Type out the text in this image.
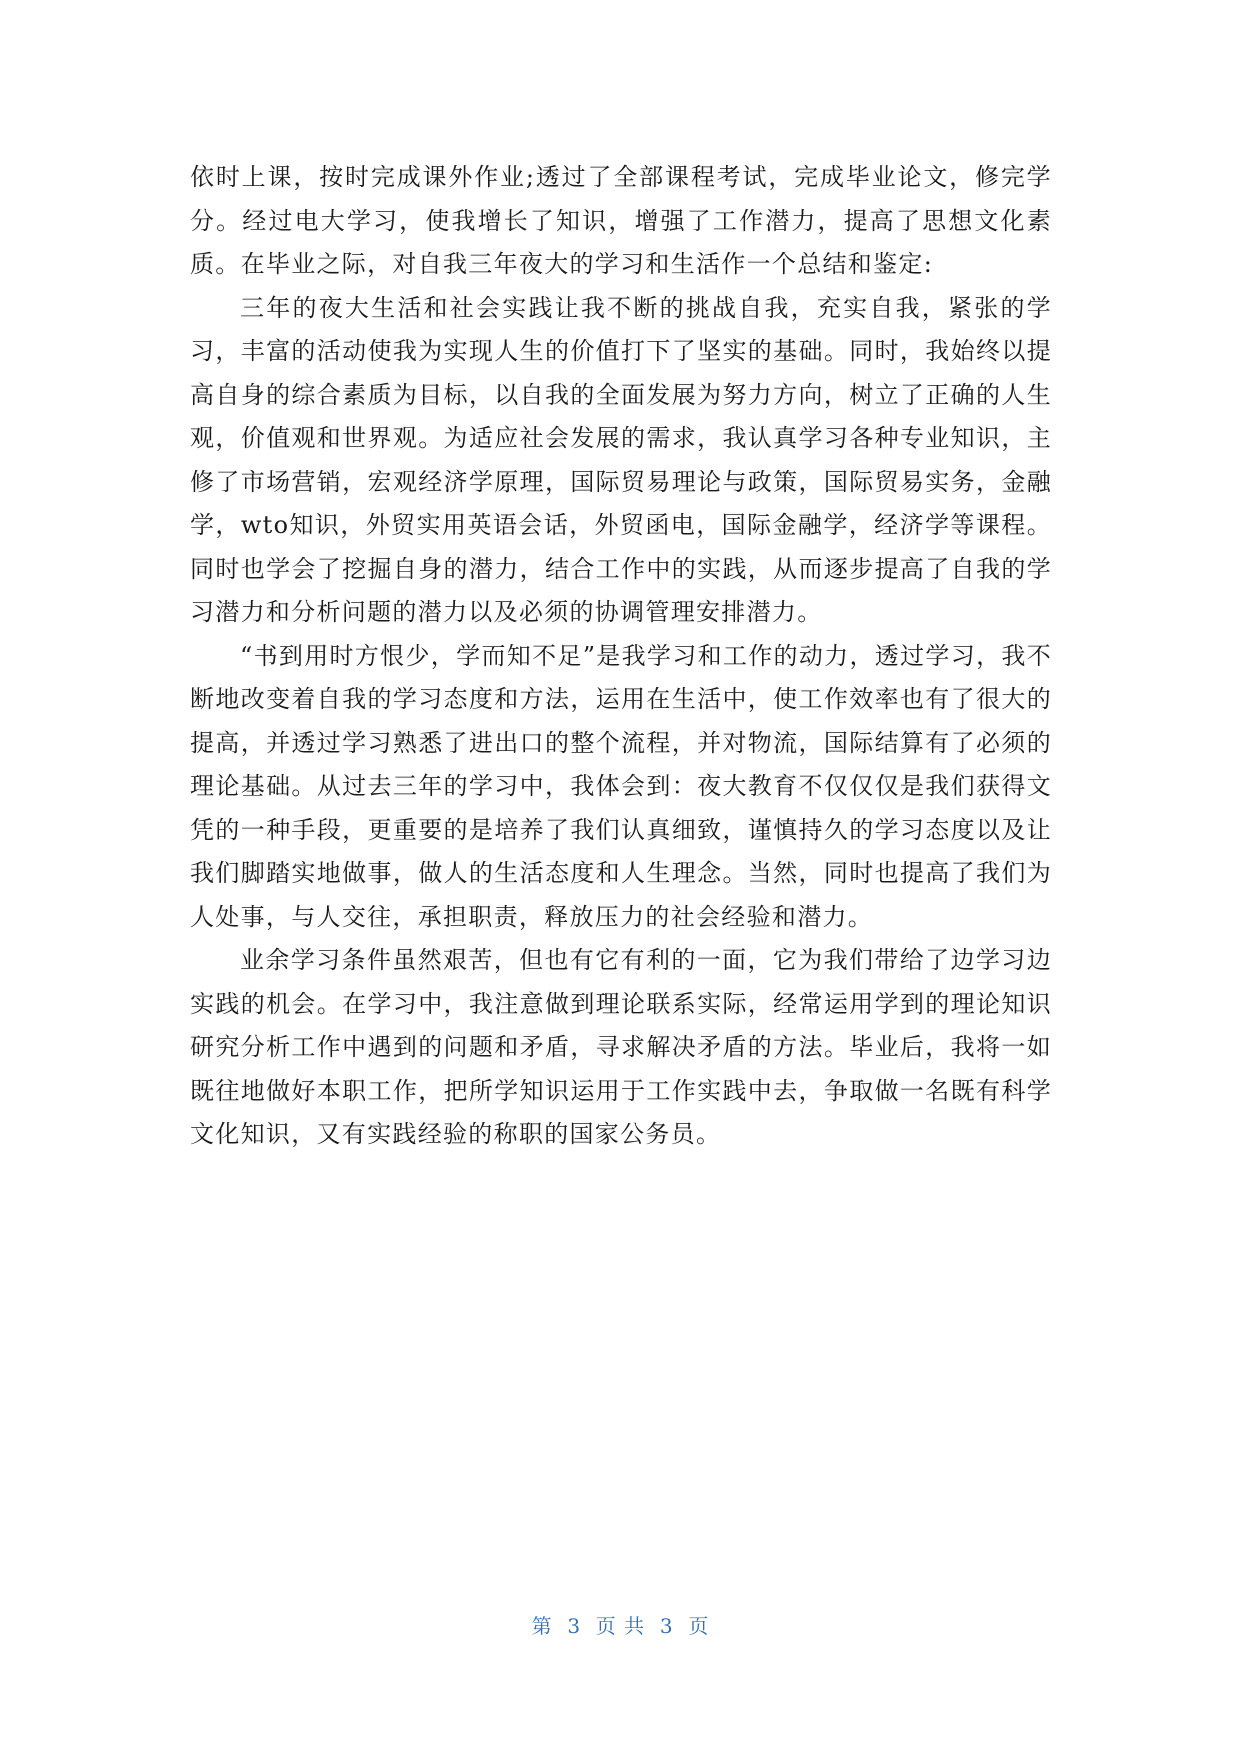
依时上课，按时完成课外作业;透过了全部课程考试，完成毕业论文，修完学分。经过电大学习，使我增长了知识，增强了工作潜力，提高了思想文化素质。在毕业之际，对自我三年夜大的学习和生活作一个总结和鉴定:

三年的夜大生活和社会实践让我不断的挑战自我，充实自我，紧张的学习，丰富的活动使我为实现人生的价值打下了坚实的基础。同时，我始终以提高自身的综合素质为目标，以自我的全面发展为努力方向，树立了正确的人生观，价值观和世界观。为适应社会发展的需求，我认真学习各种专业知识，主修了市场营销，宏观经济学原理，国际贸易理论与政策，国际贸易实务，金融学，wto知识，外贸实用英语会话，外贸函电，国际金融学，经济学等课程。同时也学会了挖掘自身的潜力，结合工作中的实践，从而逐步提高了自我的学习潜力和分析问题的潜力以及必须的协调管理安排潜力。

“书到用时方恨少，学而知不足”是我学习和工作的动力，透过学习，我不断地改变着自我的学习态度和方法，运用在生活中，使工作效率也有了很大的提高，并透过学习熟悉了进出口的整个流程，并对物流，国际结算有了必须的理论基础。从过去三年的学习中，我体会到：夜大教育不仅仅仅是我们获得文凭的一种手段，更重要的是培养了我们认真细致，谨慎持久的学习态度以及让我们脚踏实地做事，做人的生活态度和人生理念。当然，同时也提高了我们为人处事，与人交往，承担职责，释放压力的社会经验和潜力。

业余学习条件虽然艰苦，但也有它有利的一面，它为我们带给了边学习边实践的机会。在学习中，我注意做到理论联系实际，经常运用学到的理论知识研究分析工作中遇到的问题和矛盾，寻求解决矛盾的方法。毕业后，我将一如既往地做好本职工作，把所学知识运用于工作实践中去，争取做一名既有科学文化知识，又有实践经验的称职的国家公务员。

第  3  页 共  3  页
